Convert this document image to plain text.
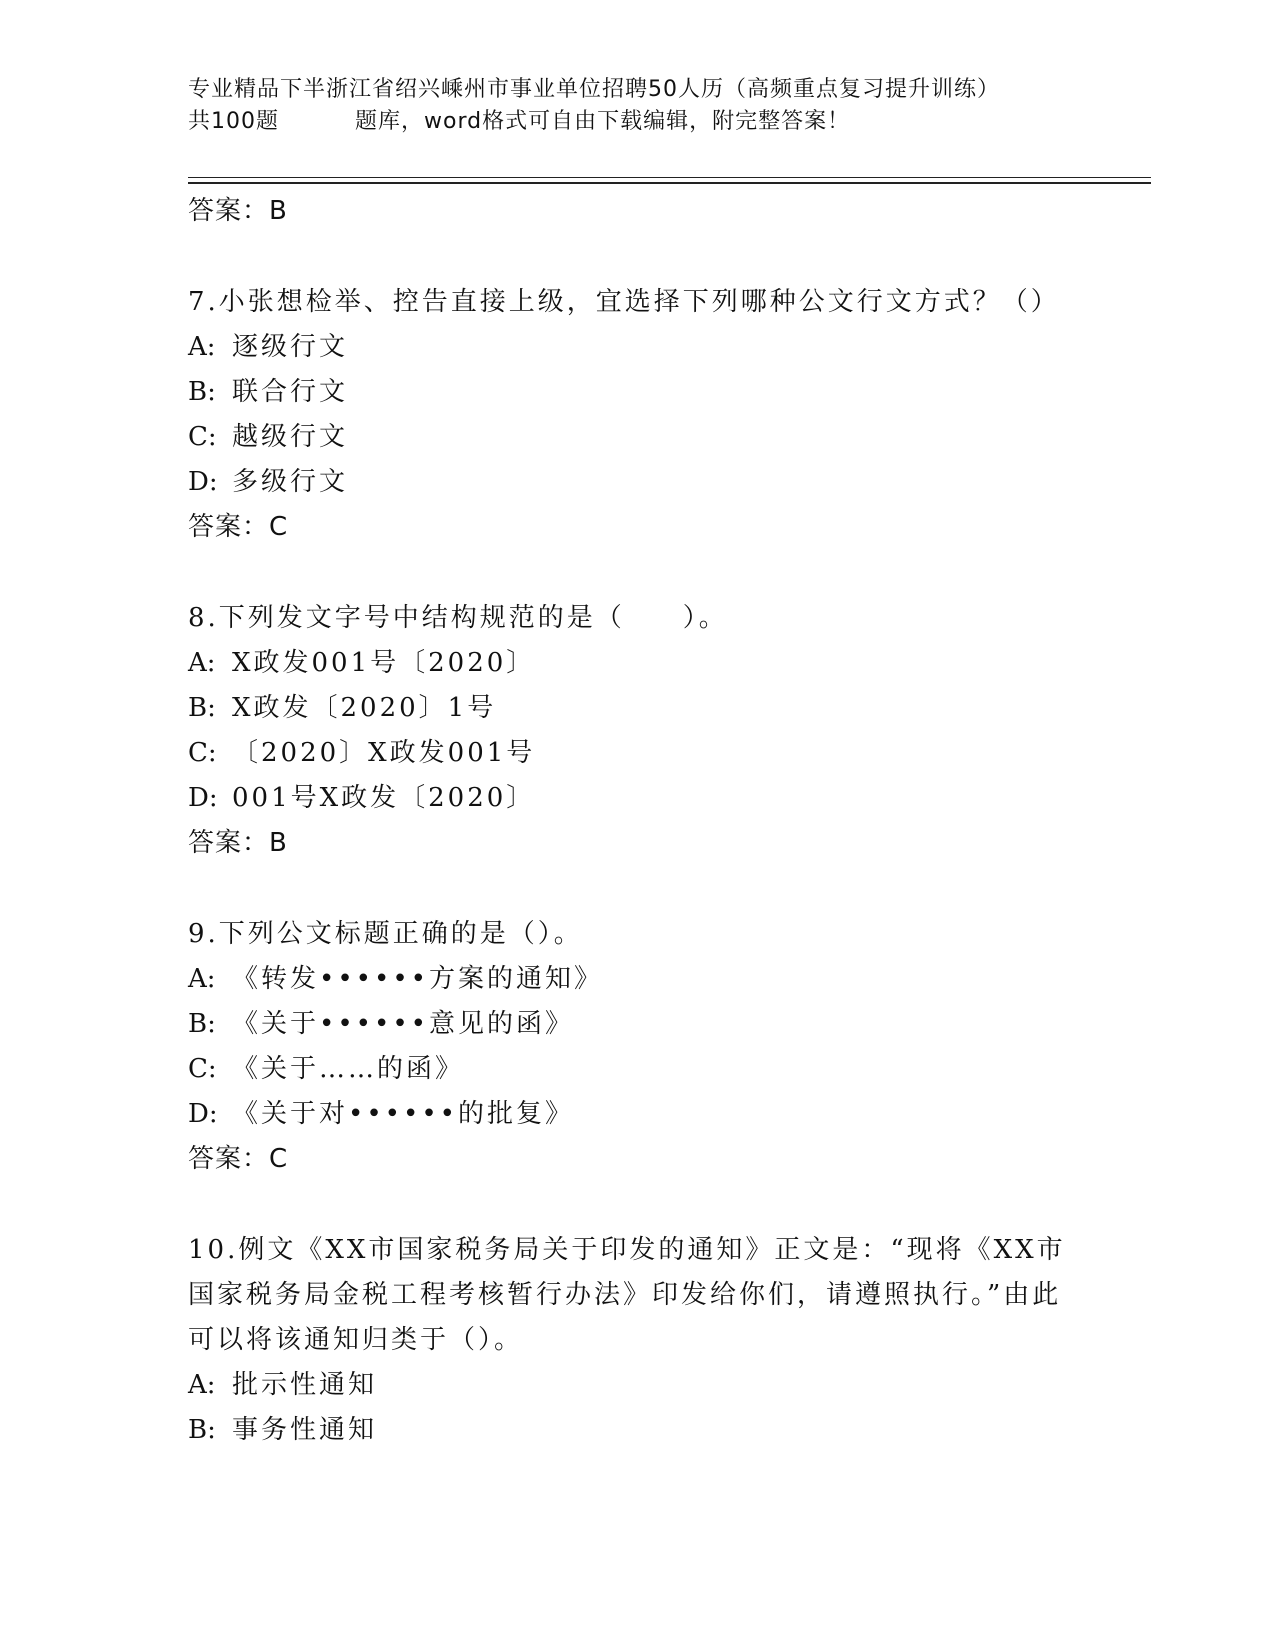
专业精品下半浙江省绍兴嵊州市事业单位招聘50人历（高频重点复习提升训练）
共100题	题库，word格式可自由下载编辑，附完整答案！
答案：B
7.小张想检举、控告直接上级，宜选择下列哪种公文行文方式？（）
A: 逐级行文
B: 联合行文
C: 越级行文
D: 多级行文
答案：C
8.下列发文字号中结构规范的是（　　）。
A: X政发001号〔2020〕
B: X政发〔2020〕1号
C: 〔2020〕X政发001号
D: 001号X政发〔2020〕
答案：B
9.下列公文标题正确的是（）。
A: 《转发••••••方案的通知》
B: 《关于••••••意见的函》
C: 《关于……的函》
D: 《关于对••••••的批复》
答案：C
10.例文《XX市国家税务局关于印发的通知》正文是：“现将《XX市国家税务局金税工程考核暂行办法》印发给你们，请遵照执行。”由此可以将该通知归类于（）。
A: 批示性通知
B: 事务性通知
